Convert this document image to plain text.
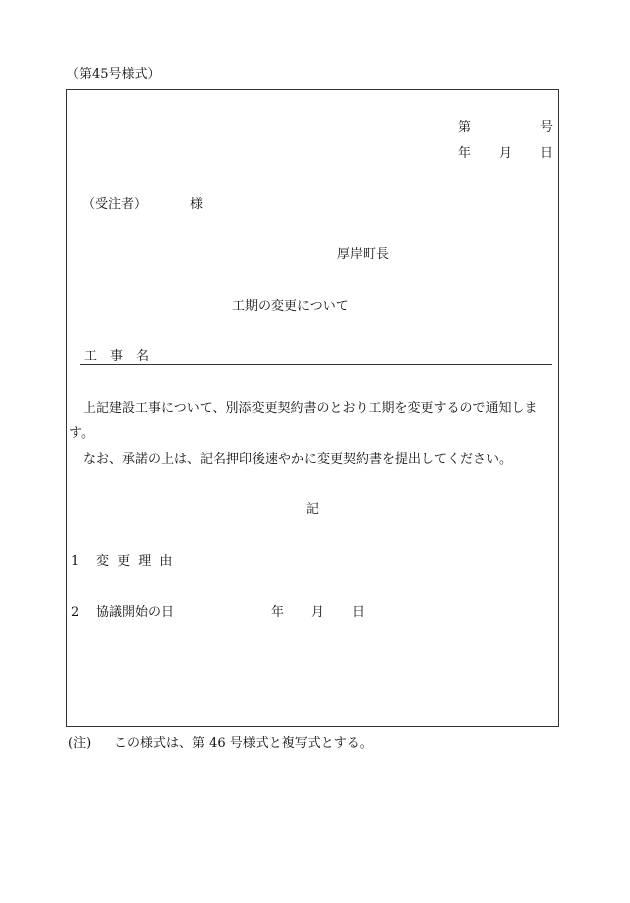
（第45号様式）
第	号
年 月 日
（受注者）	様
厚岸町長
工期の変更について
工　事　名
上記建設工事について、別添変更契約書のとおり工期を変更するので通知しま
す。
なお、承諾の上は、記名押印後速やかに変更契約書を提出してください。
記
1 変 更 理 由
2 協議開始の日	年 月 日
(注) この様式は、第 46 号様式と複写式とする。
